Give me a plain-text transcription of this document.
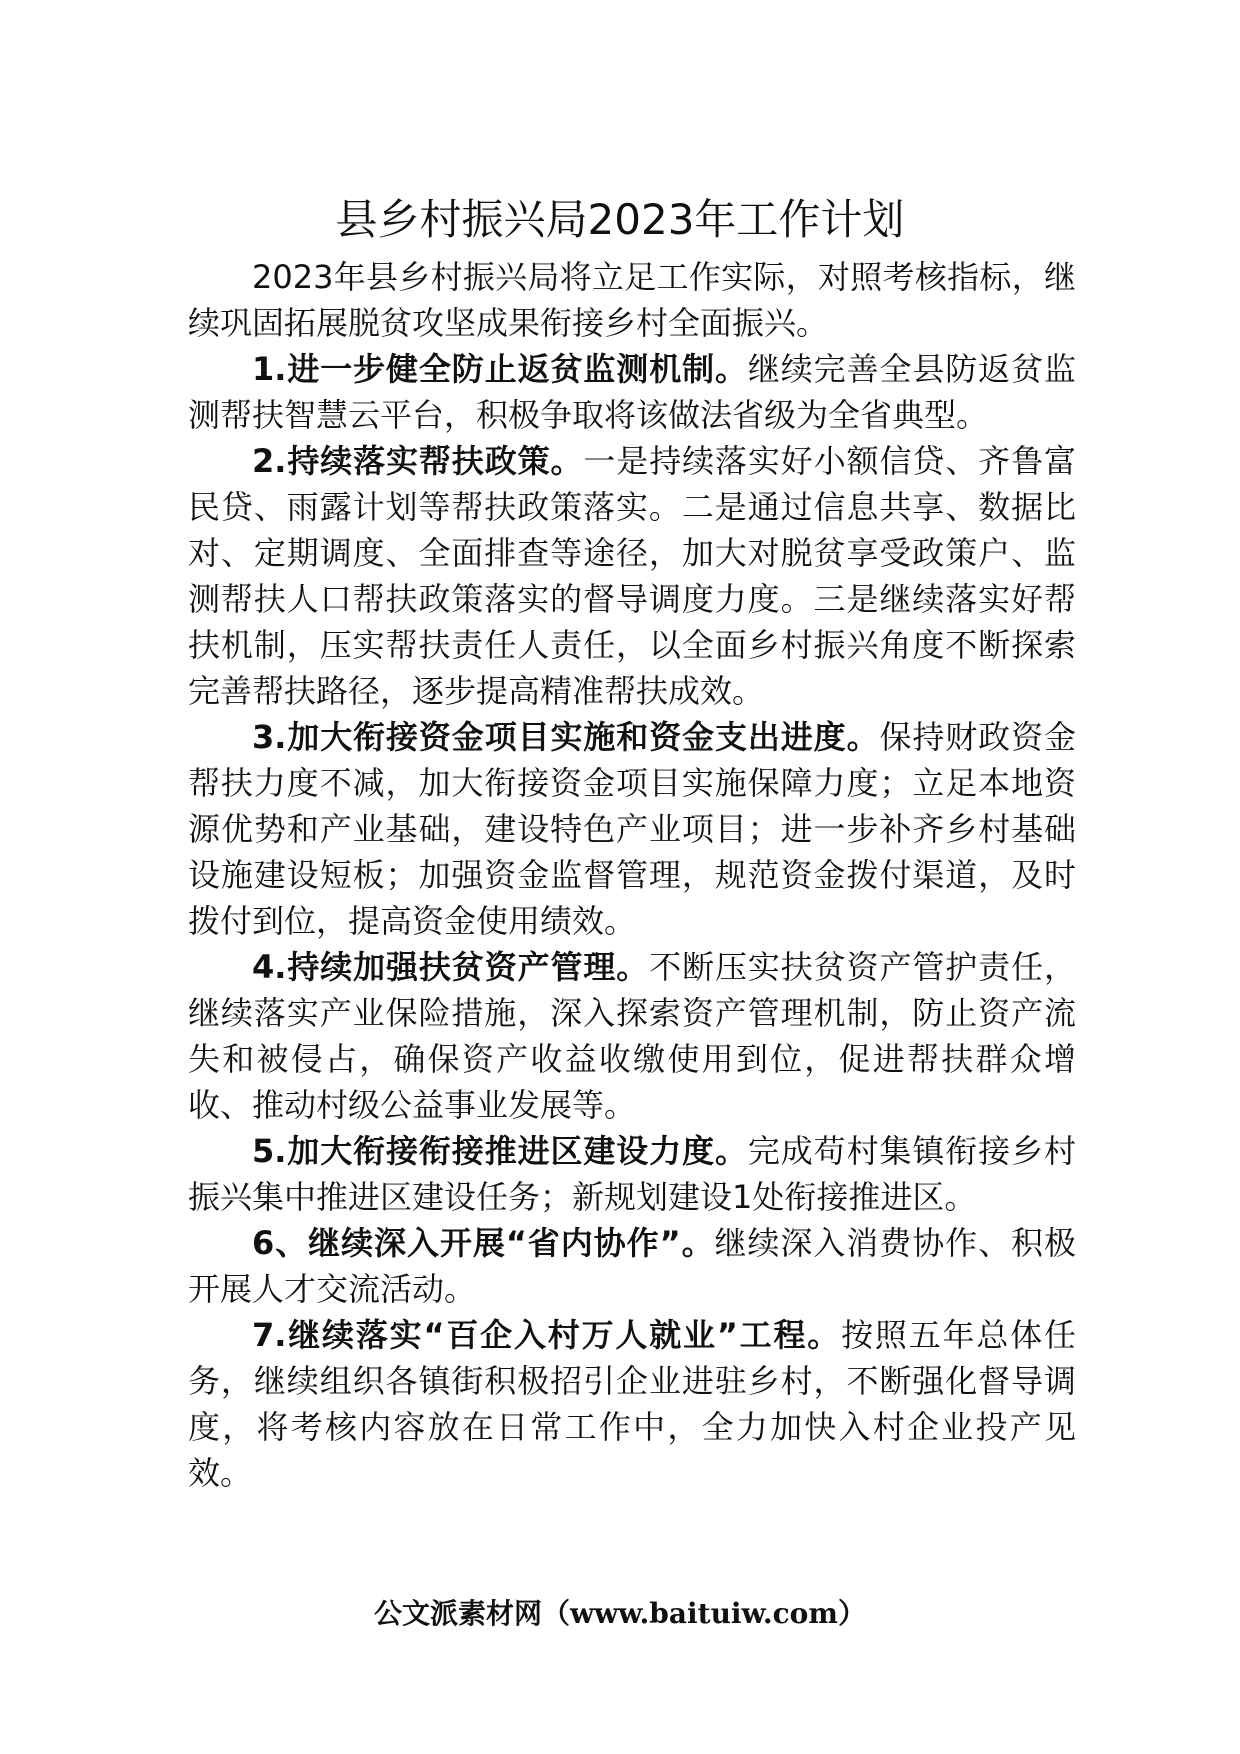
县乡村振兴局2023年工作计划

2023年县乡村振兴局将立足工作实际，对照考核指标，继续巩固拓展脱贫攻坚成果衔接乡村全面振兴。

1.进一步健全防止返贫监测机制。继续完善全县防返贫监测帮扶智慧云平台，积极争取将该做法省级为全省典型。

2.持续落实帮扶政策。一是持续落实好小额信贷、齐鲁富民贷、雨露计划等帮扶政策落实。二是通过信息共享、数据比对、定期调度、全面排查等途径，加大对脱贫享受政策户、监测帮扶人口帮扶政策落实的督导调度力度。三是继续落实好帮扶机制，压实帮扶责任人责任，以全面乡村振兴角度不断探索完善帮扶路径，逐步提高精准帮扶成效。

3.加大衔接资金项目实施和资金支出进度。保持财政资金帮扶力度不减，加大衔接资金项目实施保障力度；立足本地资源优势和产业基础，建设特色产业项目；进一步补齐乡村基础设施建设短板；加强资金监督管理，规范资金拨付渠道，及时拨付到位，提高资金使用绩效。

4.持续加强扶贫资产管理。不断压实扶贫资产管护责任，继续落实产业保险措施，深入探索资产管理机制，防止资产流失和被侵占，确保资产收益收缴使用到位，促进帮扶群众增收、推动村级公益事业发展等。

5.加大衔接衔接推进区建设力度。完成苟村集镇衔接乡村振兴集中推进区建设任务；新规划建设1处衔接推进区。

6、继续深入开展“省内协作”。继续深入消费协作、积极开展人才交流活动。

7.继续落实“百企入村万人就业”工程。按照五年总体任务，继续组织各镇街积极招引企业进驻乡村，不断强化督导调度，将考核内容放在日常工作中，全力加快入村企业投产见效。

公文派素材网（www.baituiw.com）
